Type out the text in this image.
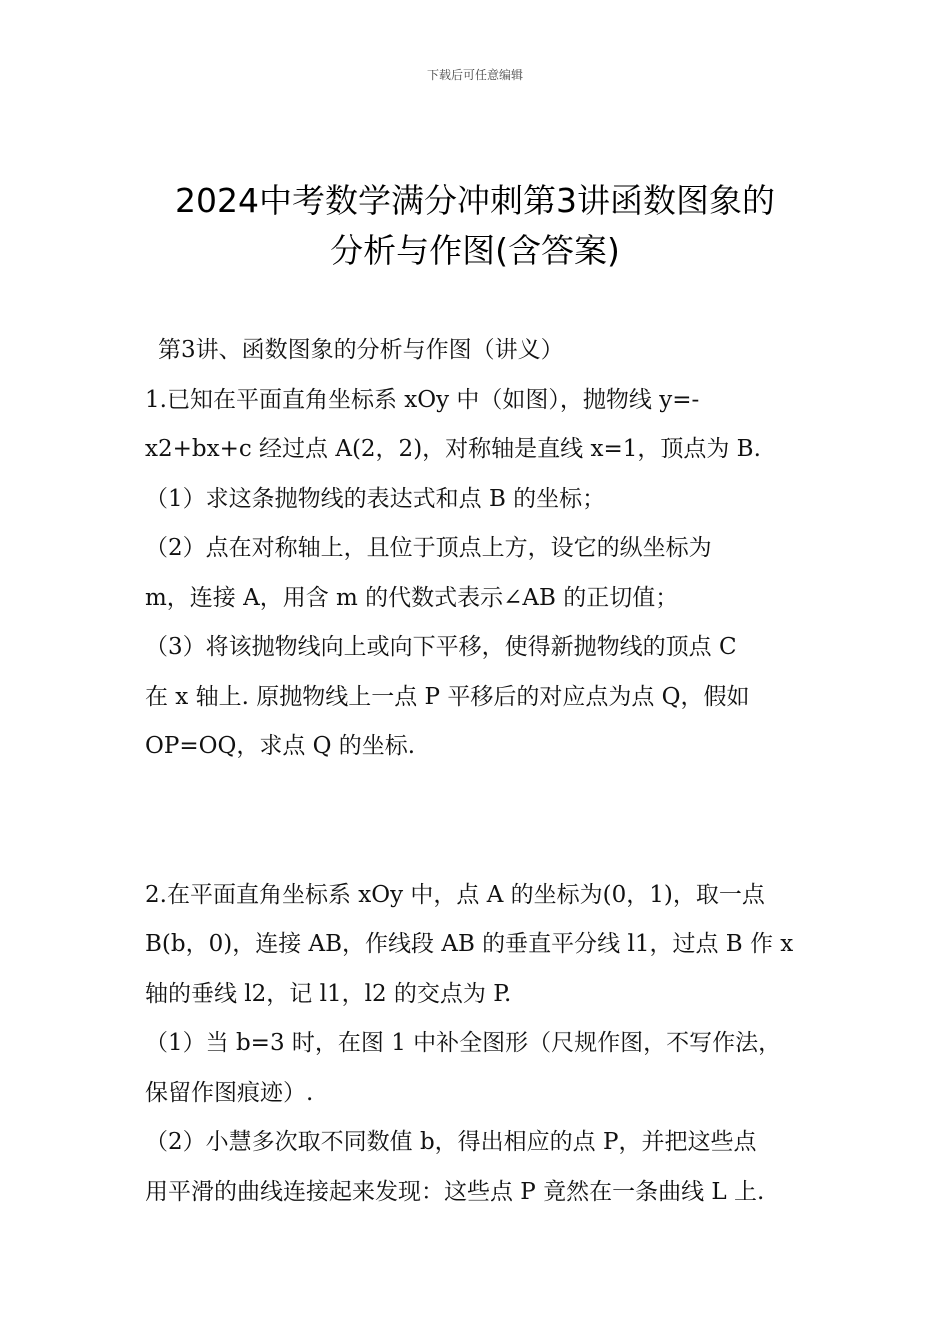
下载后可任意编辑
2024中考数学满分冲刺第3讲函数图象的
分析与作图(含答案)
第3讲、函数图象的分析与作图（讲义）
1.已知在平面直角坐标系 xOy 中（如图），抛物线 y=-
x2+bx+c 经过点 A(2，2)，对称轴是直线 x=1，顶点为 B.
（1）求这条抛物线的表达式和点 B 的坐标；
（2）点在对称轴上，且位于顶点上方，设它的纵坐标为
m，连接 A，用含 m 的代数式表示∠AB 的正切值；
（3）将该抛物线向上或向下平移，使得新抛物线的顶点 C
在 x 轴上. 原抛物线上一点 P 平移后的对应点为点 Q，假如
OP=OQ，求点 Q 的坐标.
2.在平面直角坐标系 xOy 中，点 A 的坐标为(0，1)，取一点
B(b，0)，连接 AB，作线段 AB 的垂直平分线 l1，过点 B 作 x
轴的垂线 l2，记 l1，l2 的交点为 P.
（1）当 b=3 时，在图 1 中补全图形（尺规作图，不写作法，
保留作图痕迹）.
（2）小慧多次取不同数值 b，得出相应的点 P，并把这些点
用平滑的曲线连接起来发现：这些点 P 竟然在一条曲线 L 上.
